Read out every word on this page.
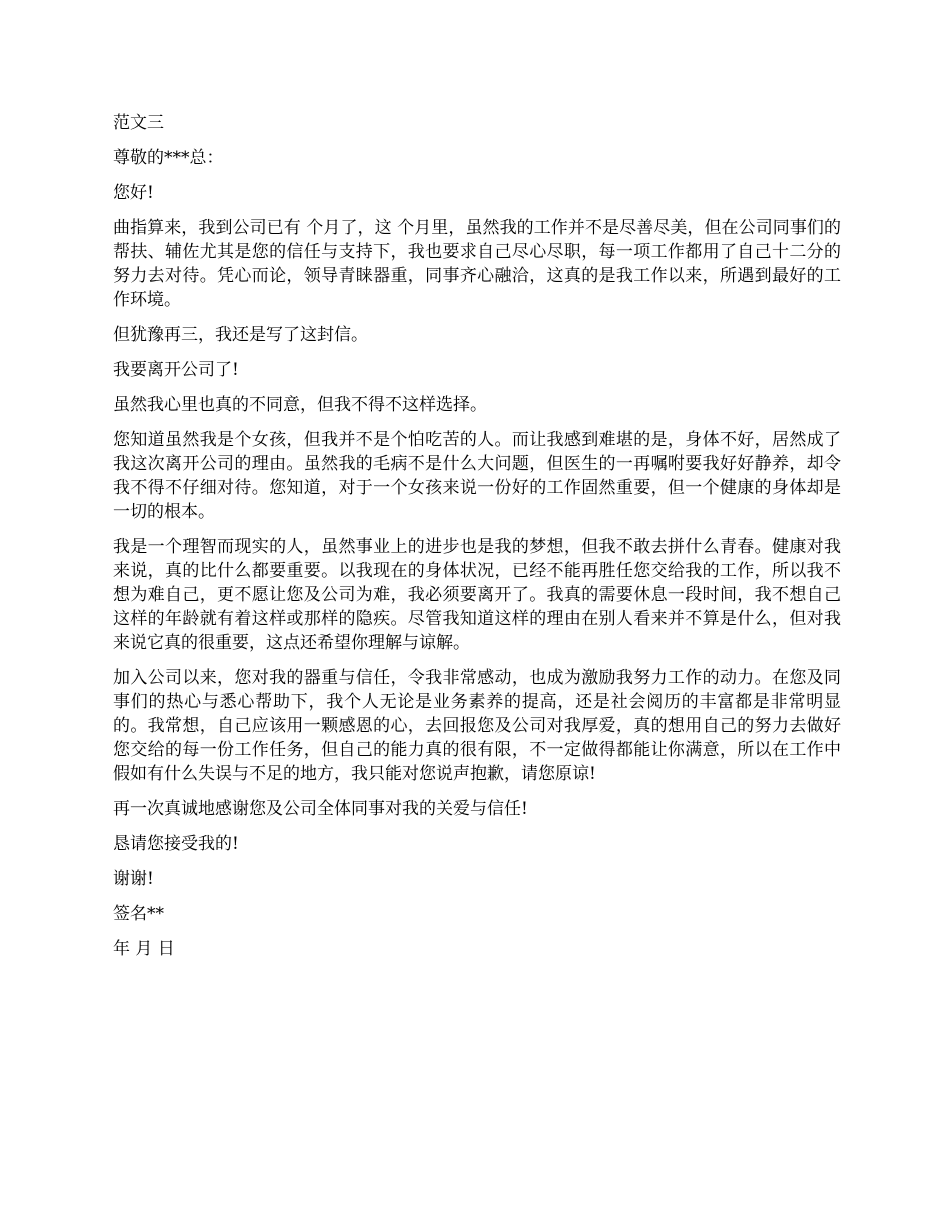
范文三

尊敬的***总：

您好!

曲指算来，我到公司已有 个月了，这 个月里，虽然我的工作并不是尽善尽美，但在公司同事们的帮扶、辅佐尤其是您的信任与支持下，我也要求自己尽心尽职，每一项工作都用了自己十二分的努力去对待。凭心而论，领导青睐器重，同事齐心融洽，这真的是我工作以来，所遇到最好的工作环境。

但犹豫再三，我还是写了这封信。

我要离开公司了!

虽然我心里也真的不同意，但我不得不这样选择。

您知道虽然我是个女孩，但我并不是个怕吃苦的人。而让我感到难堪的是，身体不好，居然成了我这次离开公司的理由。虽然我的毛病不是什么大问题，但医生的一再嘱咐要我好好静养，却令我不得不仔细对待。您知道，对于一个女孩来说一份好的工作固然重要，但一个健康的身体却是一切的根本。

我是一个理智而现实的人，虽然事业上的进步也是我的梦想，但我不敢去拼什么青春。健康对我来说，真的比什么都要重要。以我现在的身体状况，已经不能再胜任您交给我的工作，所以我不想为难自己，更不愿让您及公司为难，我必须要离开了。我真的需要休息一段时间，我不想自己这样的年龄就有着这样或那样的隐疾。尽管我知道这样的理由在别人看来并不算是什么，但对我来说它真的很重要，这点还希望你理解与谅解。

加入公司以来，您对我的器重与信任，令我非常感动，也成为激励我努力工作的动力。在您及同事们的热心与悉心帮助下，我个人无论是业务素养的提高，还是社会阅历的丰富都是非常明显的。我常想，自己应该用一颗感恩的心，去回报您及公司对我厚爱，真的想用自己的努力去做好您交给的每一份工作任务，但自己的能力真的很有限，不一定做得都能让你满意，所以在工作中假如有什么失误与不足的地方，我只能对您说声抱歉，请您原谅!

再一次真诚地感谢您及公司全体同事对我的关爱与信任!

恳请您接受我的!

谢谢!

签名**

年 月 日
